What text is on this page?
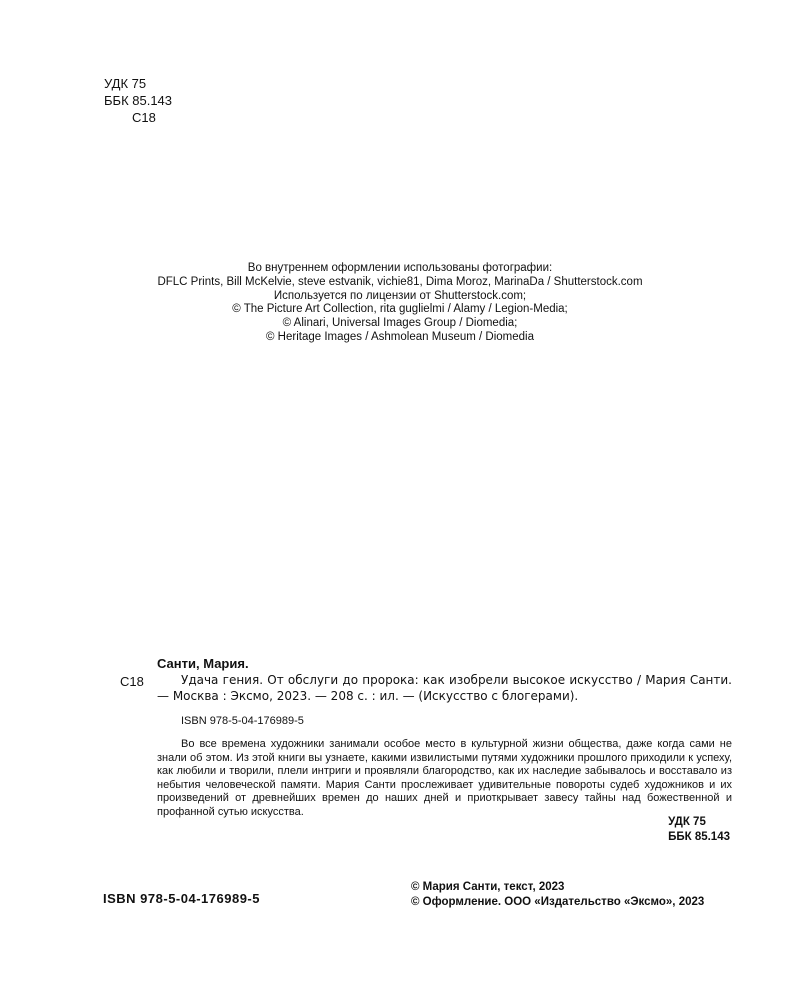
УДК 75
ББК 85.143
С18
Во внутреннем оформлении использованы фотографии:
DFLC Prints, Bill McKelvie, steve estvanik, vichie81, Dima Moroz, MarinaDa / Shutterstock.com
Используется по лицензии от Shutterstock.com;
© The Picture Art Collection, rita guglielmi / Alamy / Legion-Media;
© Alinari, Universal Images Group / Diomedia;
© Heritage Images / Ashmolean Museum / Diomedia
Санти, Мария.
С18	Удача гения. От обслуги до пророка: как изобрели высокое искусство / Мария Санти. — Москва : Эксмо, 2023. — 208 с. : ил. — (Искусство с блогерами).
ISBN 978-5-04-176989-5
Во все времена художники занимали особое место в культурной жизни общества, даже когда сами не знали об этом. Из этой книги вы узнаете, какими извилистыми путями художники прошлого приходили к успеху, как любили и творили, плели интриги и проявляли благородство, как их наследие забывалось и восставало из небытия человеческой памяти. Мария Санти прослеживает удивительные повороты судеб художников и их произведений от древнейших времен до наших дней и приоткрывает завесу тайны над божественной и профанной сутью искусства.
УДК 75
ББК 85.143
ISBN 978-5-04-176989-5
© Мария Санти, текст, 2023
© Оформление. ООО «Издательство «Эксмо», 2023
